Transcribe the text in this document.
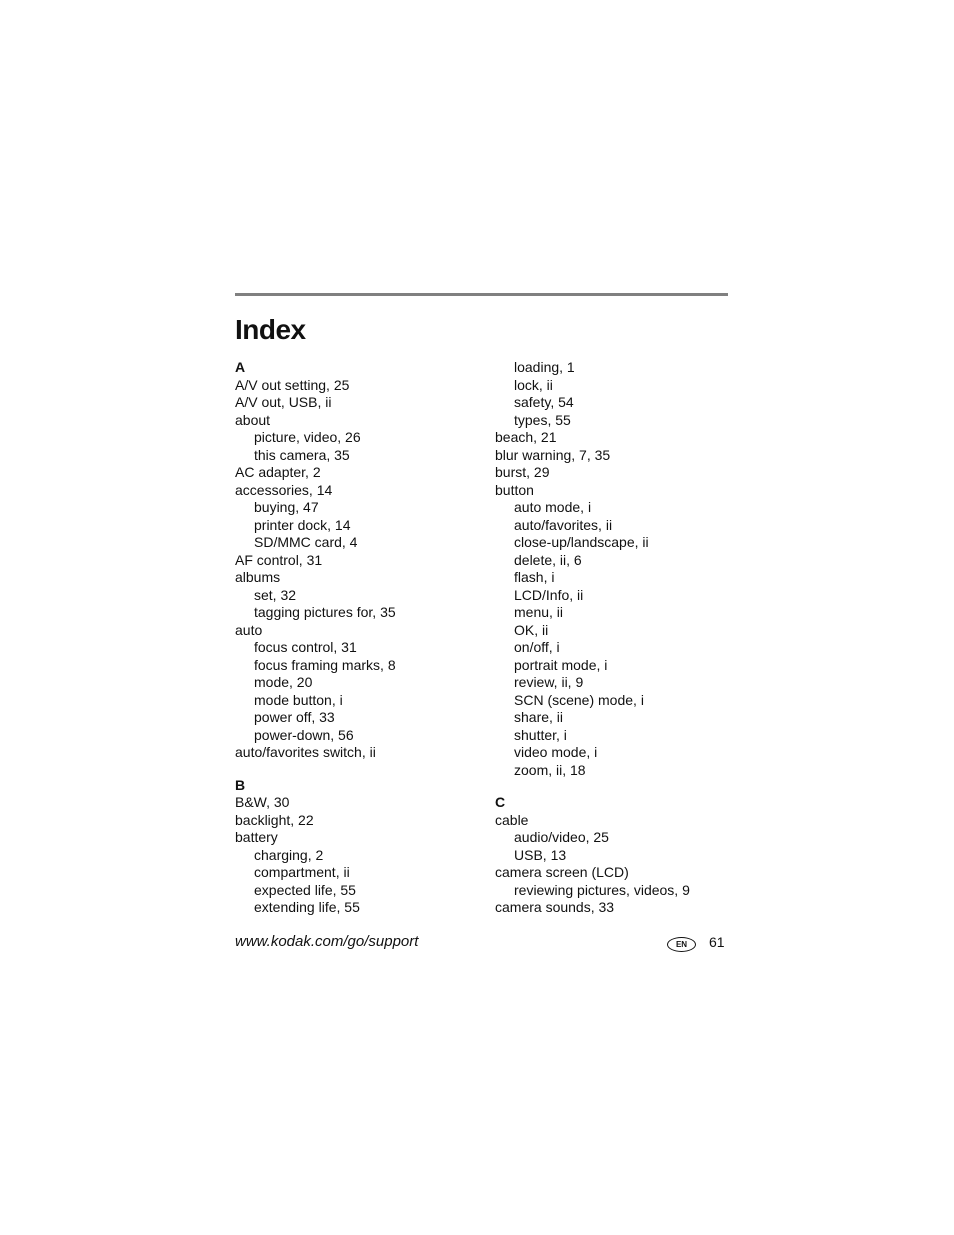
Index
A
A/V out setting, 25
A/V out, USB, ii
about
picture, video, 26
this camera, 35
AC adapter, 2
accessories, 14
buying, 47
printer dock, 14
SD/MMC card, 4
AF control, 31
albums
set, 32
tagging pictures for, 35
auto
focus control, 31
focus framing marks, 8
mode, 20
mode button, i
power off, 33
power-down, 56
auto/favorites switch, ii
B
B&W, 30
backlight, 22
battery
charging, 2
compartment, ii
expected life, 55
extending life, 55
loading, 1
lock, ii
safety, 54
types, 55
beach, 21
blur warning, 7, 35
burst, 29
button
auto mode, i
auto/favorites, ii
close-up/landscape, ii
delete, ii, 6
flash, i
LCD/Info, ii
menu, ii
OK, ii
on/off, i
portrait mode, i
review, ii, 9
SCN (scene) mode, i
share, ii
shutter, i
video mode, i
zoom, ii, 18
C
cable
audio/video, 25
USB, 13
camera screen (LCD)
reviewing pictures, videos, 9
camera sounds, 33
www.kodak.com/go/support	EN	61
